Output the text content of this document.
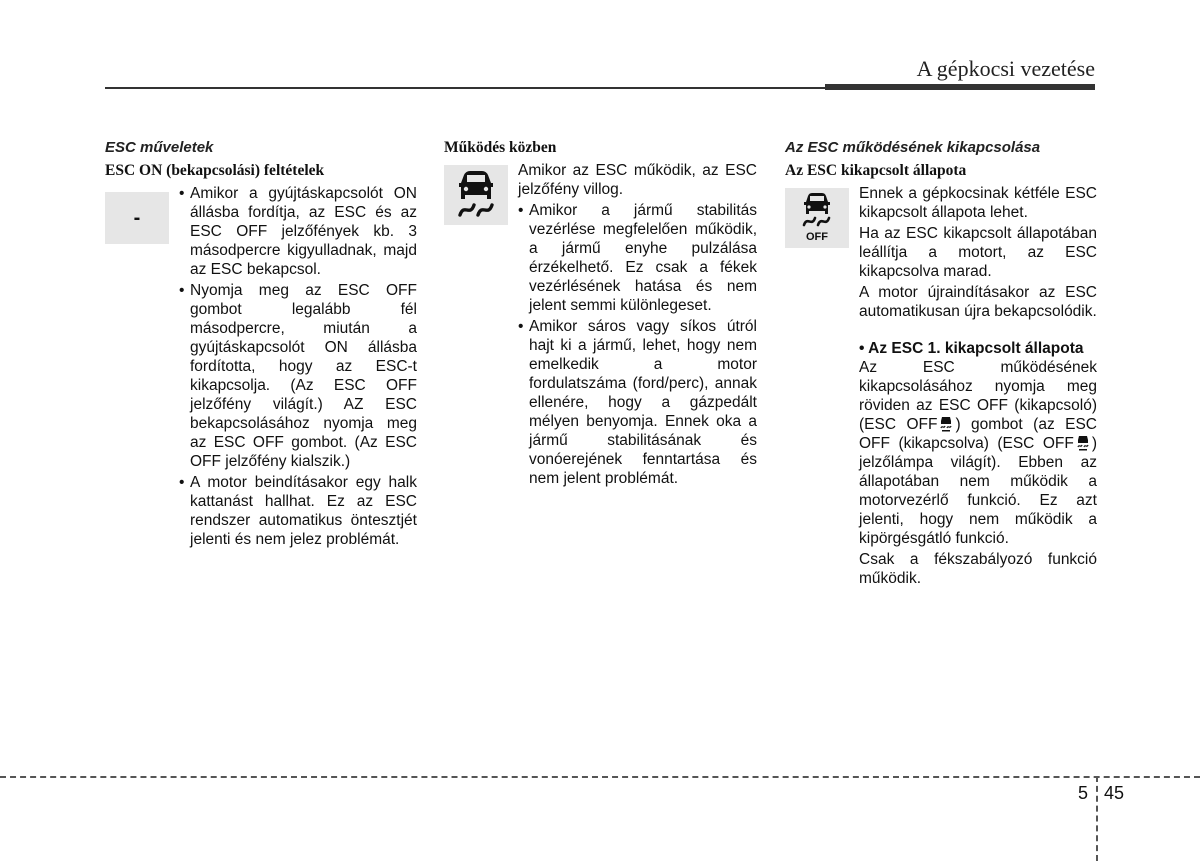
A gépkocsi vezetése
ESC műveletek
ESC ON (bekapcsolási) feltételek
-
• Amikor a gyújtáskapcsolót ON állásba fordítja, az ESC és az ESC OFF jelzőfények kb. 3 másodpercre kigyulladnak, majd az ESC bekapcsol.
• Nyomja meg az ESC OFF gombot legalább fél másodpercre, miután a gyújtáskapcsolót ON állásba fordította, hogy az ESC-t kikapcsolja. (Az ESC OFF jelzőfény világít.) AZ ESC bekapcsolásához nyomja meg az ESC OFF gombot. (Az ESC OFF jelzőfény kialszik.)
• A motor beindításakor egy halk kattanást hallhat. Ez az ESC rendszer automatikus öntesztjét jelenti és nem jelez problémát.
Működés közben

Amikor az ESC működik, az ESC jelzőfény villog.

• Amikor a jármű stabilitás vezérlése megfelelően működik, a jármű enyhe pulzálása érzékelhető. Ez csak a fékek vezérlésének hatása és nem jelent semmi különlegeset.
• Amikor sáros vagy síkos útról hajt ki a jármű, lehet, hogy nem emelkedik a motor fordulatszáma (ford/perc), annak ellenére, hogy a gázpedált mélyen benyomja. Ennek oka a jármű stabilitásának és vonóerejének fenntartása és nem jelent problémát.
Az ESC működésének kikapcsolása
Az ESC kikapcsolt állapota
OFF

Ennek a gépkocsinak kétféle ESC kikapcsolt állapota lehet.

Ha az ESC kikapcsolt állapotában leállítja a motort, az ESC kikapcsolva marad.

A motor újraindításakor az ESC automatikusan újra bekapcsolódik.

• Az ESC 1. kikapcsolt állapota

Az ESC működésének kikapcsolásához nyomja meg röviden az ESC OFF (kikapcsoló) (ESC OFF ) gombot (az ESC OFF (kikapcsolva) (ESC OFF ) jelzőlámpa világít). Ebben az állapotában nem működik a motorvezérlő funkció. Ez azt jelenti, hogy nem működik a kipörgésgátló funkció.

Csak a fékszabályozó funkció működik.

5 45
